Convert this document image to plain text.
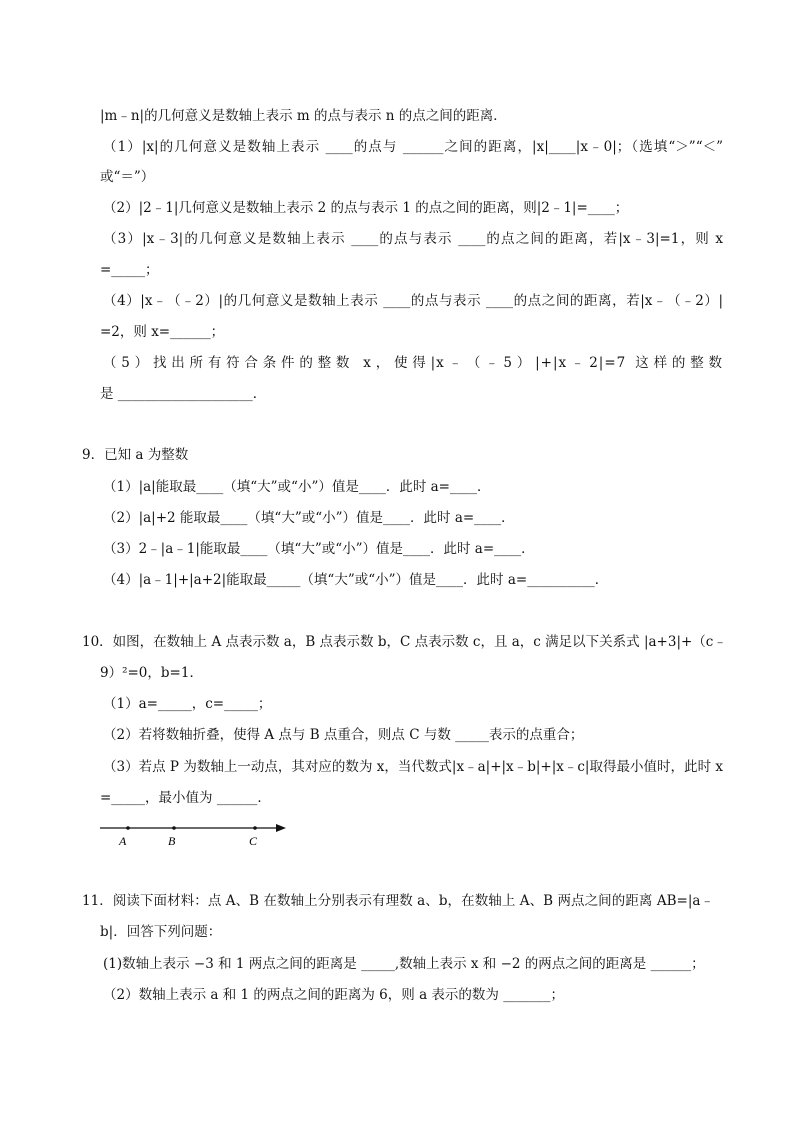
|m﹣n|的几何意义是数轴上表示 m 的点与表示 n 的点之间的距离．
（1）|x|的几何意义是数轴上表示 ____的点与 ______之间的距离，|x|____|x﹣0|；（选填“＞”“＜”
或“＝”）
（2）|2﹣1|几何意义是数轴上表示 2 的点与表示 1 的点之间的距离，则|2﹣1|=____；
（3）|x﹣3|的几何意义是数轴上表示 ____的点与表示 ____的点之间的距离，若|x﹣3|=1，则 x
=_____；
（4）|x﹣（﹣2）|的几何意义是数轴上表示 ____的点与表示 ____的点之间的距离，若|x﹣（﹣2）|
=2，则 x=______；
（5）找出所有符合条件的整数 x，使得|x﹣（﹣5）|+|x﹣2|=7 这样的整数
是 ____________________．
9．已知 a 为整数
（1）|a|能取最____（填“大”或“小”）值是____．此时 a=____．
（2）|a|+2 能取最____（填“大”或“小”）值是____．此时 a=____．
（3）2﹣|a﹣1|能取最____（填“大”或“小”）值是____．此时 a=____．
（4）|a﹣1|+|a+2|能取最_____（填“大”或“小”）值是____．此时 a=__________．
10．如图，在数轴上 A 点表示数 a，B 点表示数 b，C 点表示数 c，且 a，c 满足以下关系式 |a+3|+（c﹣
9）²=0，b=1．
（1）a=_____，c=_____；
（2）若将数轴折叠，使得 A 点与 B 点重合，则点 C 与数 _____表示的点重合；
（3）若点 P 为数轴上一动点，其对应的数为 x，当代数式|x﹣a|+|x﹣b|+|x﹣c|取得最小值时，此时 x
=_____，最小值为 ______．
A	B	C
11．阅读下面材料：点 A、B 在数轴上分别表示有理数 a、b，在数轴上 A、B 两点之间的距离 AB=|a﹣
b|．回答下列问题：
(1)数轴上表示 −3 和 1 两点之间的距离是 _____,数轴上表示 x 和 −2 的两点之间的距离是 ______；
（2）数轴上表示 a 和 1 的两点之间的距离为 6，则 a 表示的数为 _______；
